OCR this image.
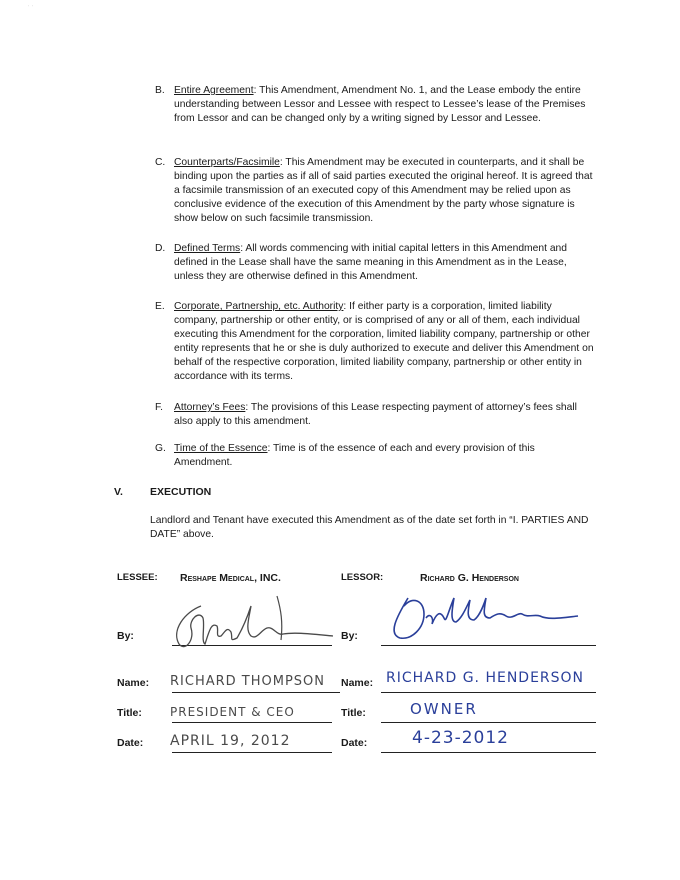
˙ ˙
B. Entire Agreement: This Amendment, Amendment No. 1, and the Lease embody the entire understanding between Lessor and Lessee with respect to Lessee’s lease of the Premises from Lessor and can be changed only by a writing signed by Lessor and Lessee.
C. Counterparts/Facsimile: This Amendment may be executed in counterparts, and it shall be binding upon the parties as if all of said parties executed the original hereof. It is agreed that a facsimile transmission of an executed copy of this Amendment may be relied upon as conclusive evidence of the execution of this Amendment by the party whose signature is show below on such facsimile transmission.
D. Defined Terms: All words commencing with initial capital letters in this Amendment and defined in the Lease shall have the same meaning in this Amendment as in the Lease, unless they are otherwise defined in this Amendment.
E. Corporate, Partnership, etc. Authority: If either party is a corporation, limited liability company, partnership or other entity, or is comprised of any or all of them, each individual executing this Amendment for the corporation, limited liability company, partnership or other entity represents that he or she is duly authorized to execute and deliver this Amendment on behalf of the respective corporation, limited liability company, partnership or other entity in accordance with its terms.
F. Attorney’s Fees: The provisions of this Lease respecting payment of attorney’s fees shall also apply to this amendment.
G. Time of the Essence: Time is of the essence of each and every provision of this Amendment.
V.	EXECUTION
Landlord and Tenant have executed this Amendment as of the date set forth in “I. PARTIES AND DATE” above.
LESSEE: Reshape Medical, INC.	LESSOR:	Richard G. Henderson
By:	By:
Name: RICHARD THOMPSON Name: RICHARD G. HENDERSON
Title: PRESIDENT & CEO	Title:	OWNER
Date: APRIL 19, 2012	Date:	4-23-2012
